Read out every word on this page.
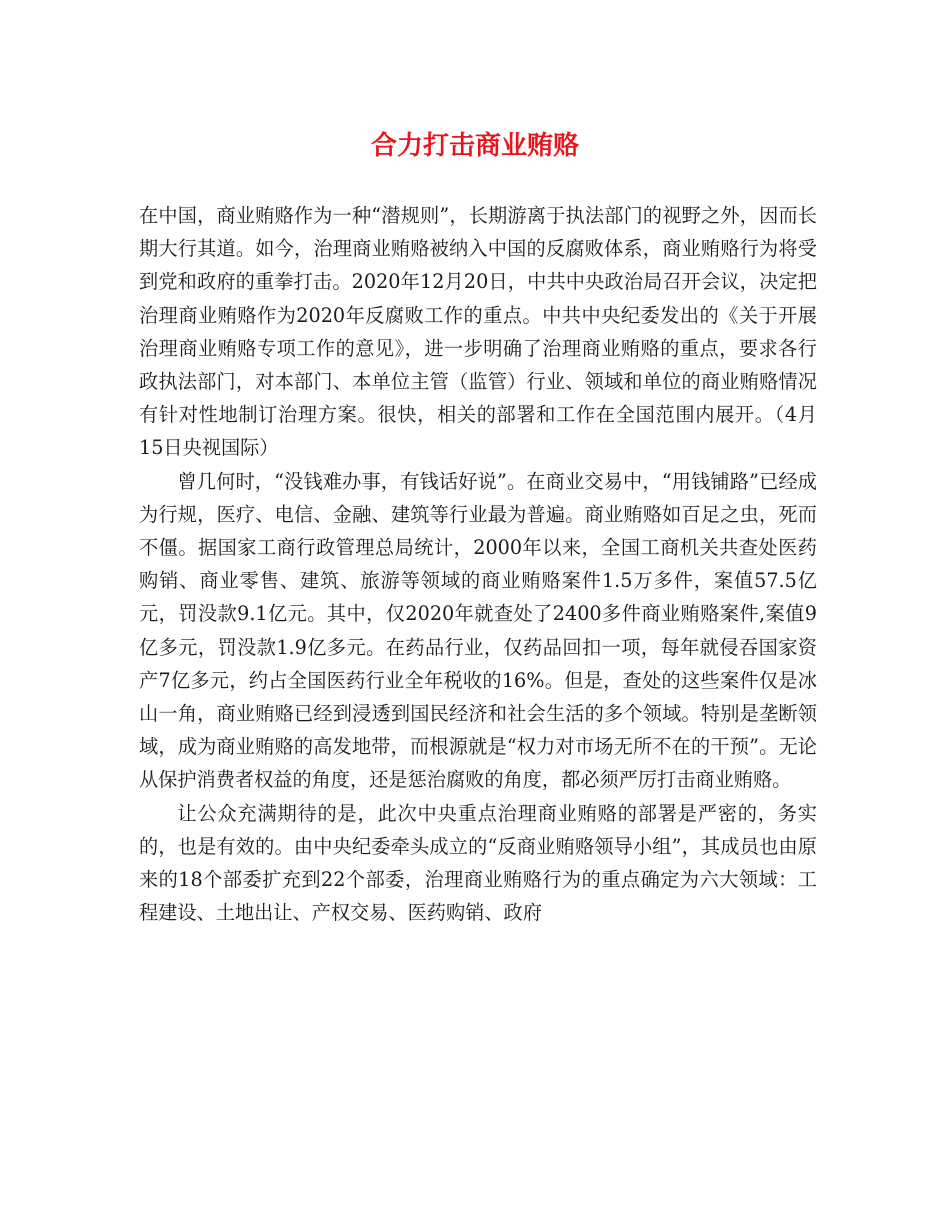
合力打击商业贿赂

在中国，商业贿赂作为一种“潜规则”，长期游离于执法部门的视野之外，因而长期大行其道。如今，治理商业贿赂被纳入中国的反腐败体系，商业贿赂行为将受到党和政府的重拳打击。2020年12月20日，中共中央政治局召开会议，决定把治理商业贿赂作为2020年反腐败工作的重点。中共中央纪委发出的《关于开展治理商业贿赂专项工作的意见》，进一步明确了治理商业贿赂的重点，要求各行政执法部门，对本部门、本单位主管（监管）行业、领域和单位的商业贿赂情况有针对性地制订治理方案。很快，相关的部署和工作在全国范围内展开。（4月15日央视国际）

曾几何时，“没钱难办事，有钱话好说”。在商业交易中，“用钱铺路”已经成为行规，医疗、电信、金融、建筑等行业最为普遍。商业贿赂如百足之虫，死而不僵。据国家工商行政管理总局统计，2000年以来，全国工商机关共查处医药购销、商业零售、建筑、旅游等领域的商业贿赂案件1.5万多件，案值57.5亿元，罚没款9.1亿元。其中，仅2020年就查处了2400多件商业贿赂案件,案值9亿多元，罚没款1.9亿多元。在药品行业，仅药品回扣一项，每年就侵吞国家资产7亿多元，约占全国医药行业全年税收的16%。但是，查处的这些案件仅是冰山一角，商业贿赂已经到浸透到国民经济和社会生活的多个领域。特别是垄断领域，成为商业贿赂的高发地带，而根源就是“权力对市场无所不在的干预”。无论从保护消费者权益的角度，还是惩治腐败的角度，都必须严厉打击商业贿赂。

让公众充满期待的是，此次中央重点治理商业贿赂的部署是严密的，务实的，也是有效的。由中央纪委牵头成立的“反商业贿赂领导小组”，其成员也由原来的18个部委扩充到22个部委，治理商业贿赂行为的重点确定为六大领域：工程建设、土地出让、产权交易、医药购销、政府
